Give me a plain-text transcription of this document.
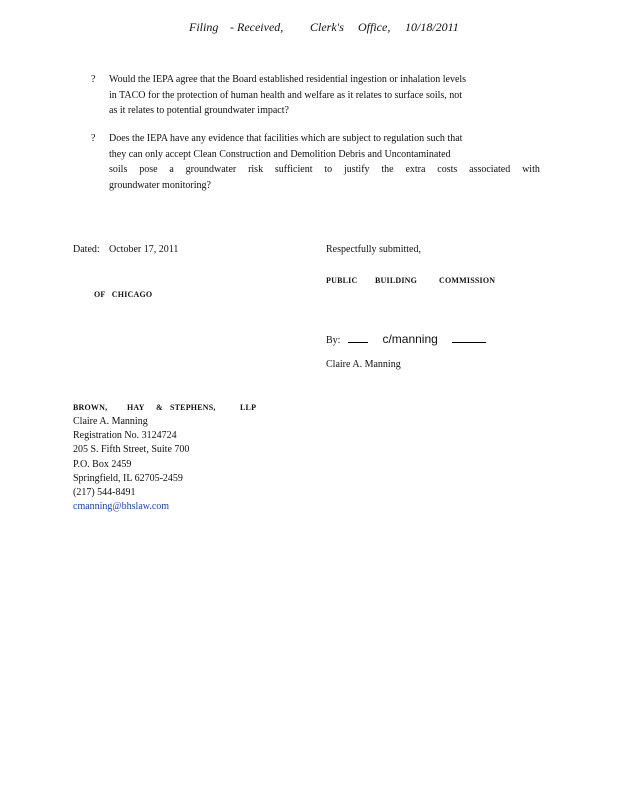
Filing - Received, Clerk's Office, 10/18/2011
? Would the IEPA agree that the Board established residential ingestion or inhalation levels
in TACO for the protection of human health and welfare as it relates to surface soils, not
as it relates to potential groundwater impact?
? Does the IEPA have any evidence that facilities which are subject to regulation such that
they can only accept Clean Construction and Demolition Debris and Uncontaminated
soils pose a groundwater risk sufficient to justify the extra costs associated with
groundwater monitoring?
Dated: October 17, 2011	Respectfully submitted,
PUBLIC BUILDING	COMMISSION
OF   CHICAGO
By:	c/manning
Claire A. Manning
BROWN, HAY & STEPHENS,	LLP
Claire A. Manning
Registration No. 3124724
205 S. Fifth Street, Suite 700
P.O. Box 2459
Springfield, IL 62705-2459
(217) 544-8491
cmanning@bhslaw.com
